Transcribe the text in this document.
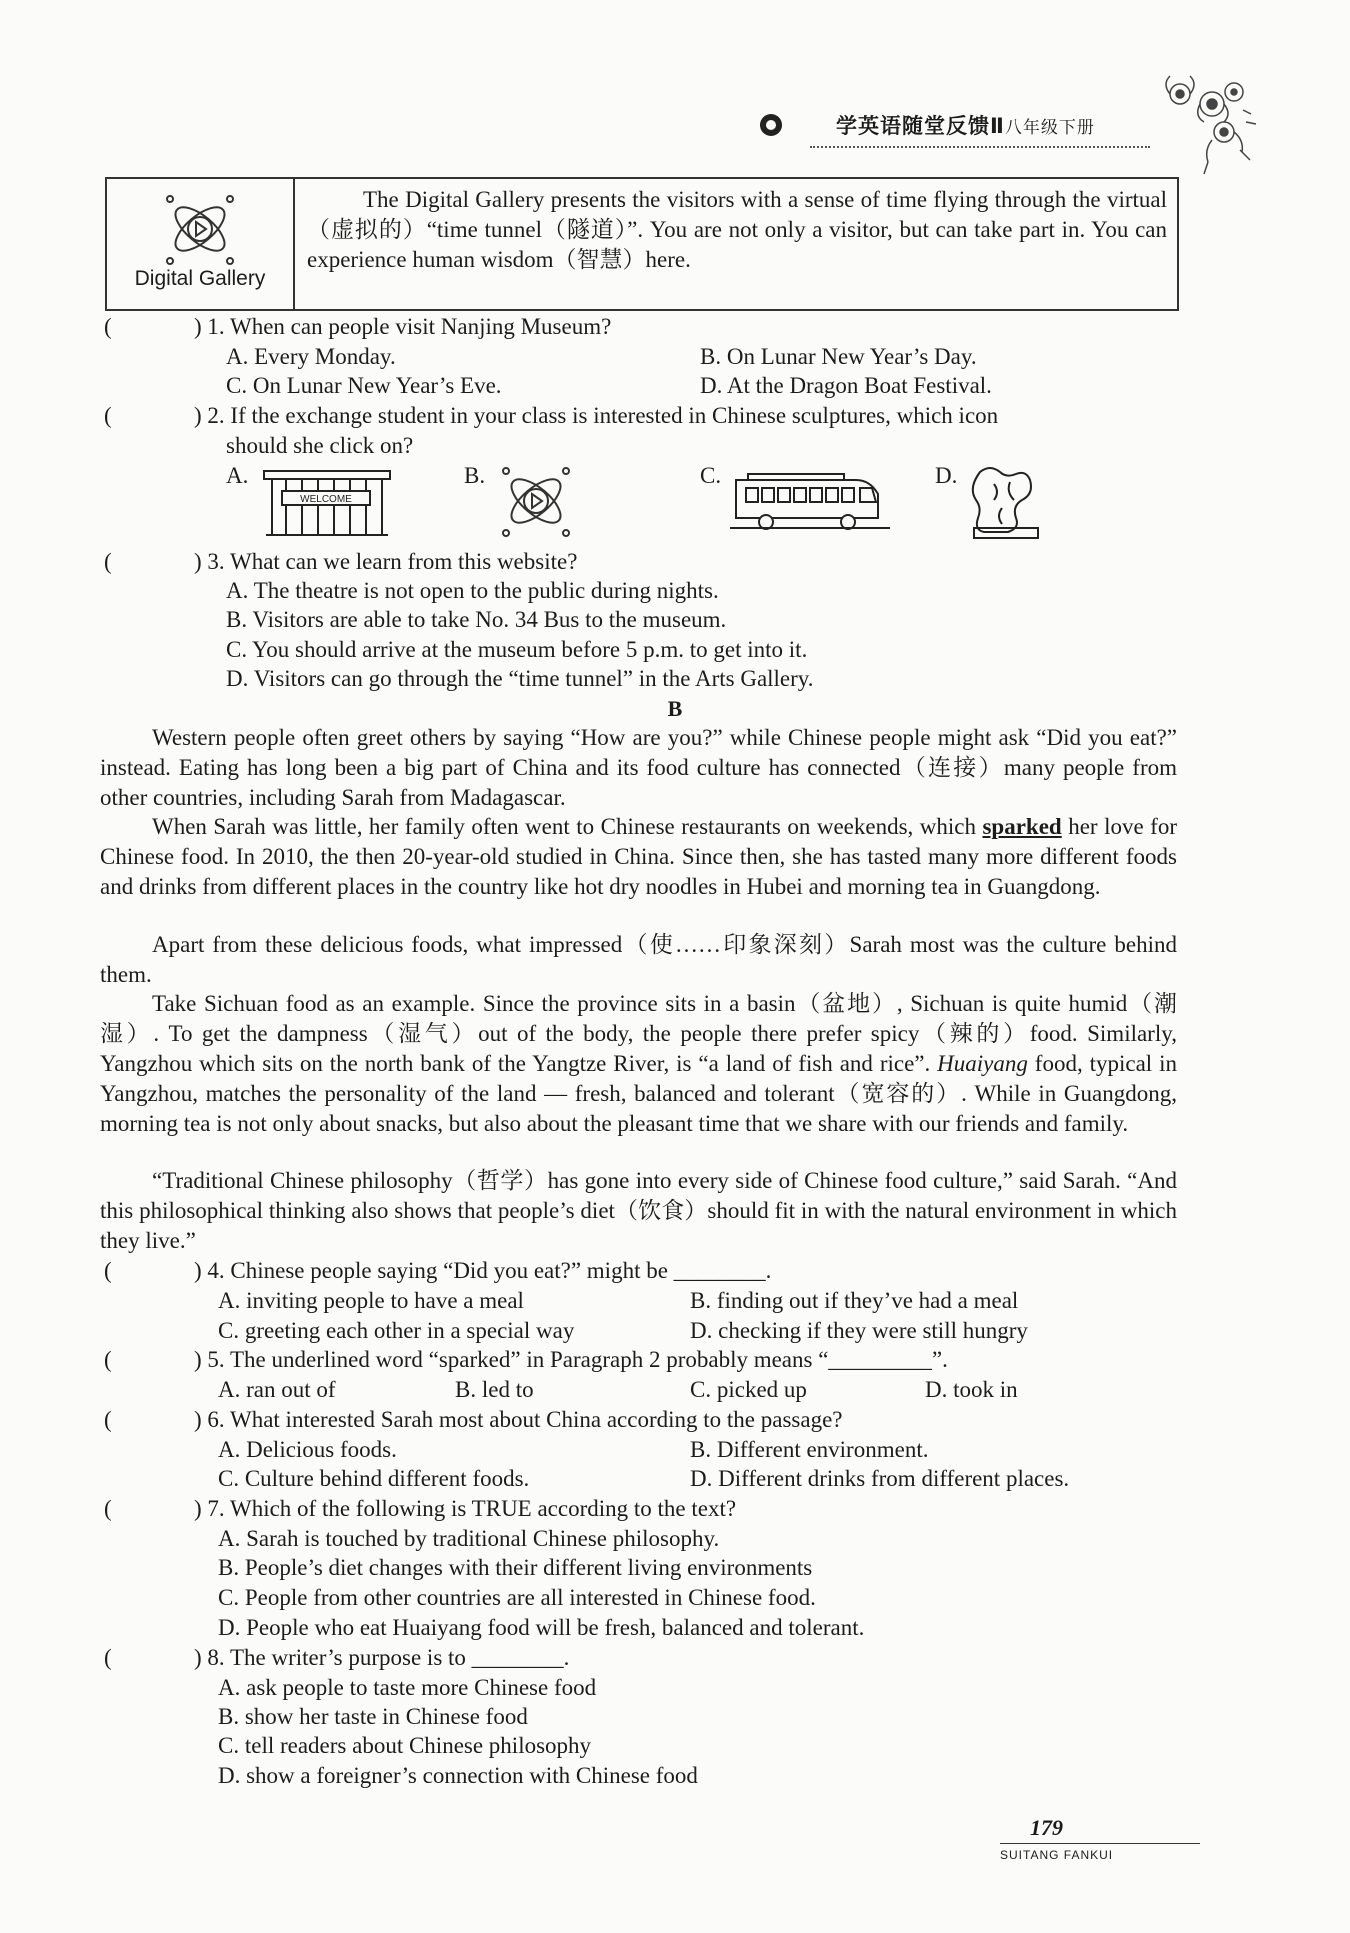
学英语随堂反馈Ⅱ八年级下册
Digital Gallery
The Digital Gallery presents the visitors with a sense of time flying through the virtual（虚拟的）“time tunnel（隧道）”. You are not only a visitor, but can take part in. You can experience human wisdom（智慧）here.
(	) 1. When can people visit Nanjing Museum?
A. Every Monday.	B. On Lunar New Year’s Day.
C. On Lunar New Year’s Eve.	D. At the Dragon Boat Festival.
(	) 2. If the exchange student in your class is interested in Chinese sculptures, which icon
should she click on?
A.
WELCOME
B.	C.	D.
(	) 3. What can we learn from this website?
A. The theatre is not open to the public during nights.
B. Visitors are able to take No. 34 Bus to the museum.
C. You should arrive at the museum before 5 p.m. to get into it.
D. Visitors can go through the “time tunnel” in the Arts Gallery.
B
Western people often greet others by saying “How are you?” while Chinese people might ask “Did you eat?” instead. Eating has long been a big part of China and its food culture has connected（连接）many people from other countries, including Sarah from Madagascar.
When Sarah was little, her family often went to Chinese restaurants on weekends, which sparked her love for Chinese food. In 2010, the then 20-year-old studied in China. Since then, she has tasted many more different foods and drinks from different places in the country like hot dry noodles in Hubei and morning tea in Guangdong.
Apart from these delicious foods, what impressed（使……印象深刻）Sarah most was the culture behind them.
Take Sichuan food as an example. Since the province sits in a basin（盆地）, Sichuan is quite humid（潮湿）. To get the dampness（湿气）out of the body, the people there prefer spicy（辣的）food. Similarly, Yangzhou which sits on the north bank of the Yangtze River, is “a land of fish and rice”. Huaiyang food, typical in Yangzhou, matches the personality of the land — fresh, balanced and tolerant（宽容的）. While in Guangdong, morning tea is not only about snacks, but also about the pleasant time that we share with our friends and family.
“Traditional Chinese philosophy（哲学）has gone into every side of Chinese food culture,” said Sarah. “And this philosophical thinking also shows that people’s diet（饮食）should fit in with the natural environment in which they live.”
(	) 4. Chinese people saying “Did you eat?” might be ________.
A. inviting people to have a meal	B. finding out if they’ve had a meal
C. greeting each other in a special way	D. checking if they were still hungry
(	) 5. The underlined word “sparked” in Paragraph 2 probably means “_________”.
A. ran out of	B. led to	C. picked up	D. took in
(	) 6. What interested Sarah most about China according to the passage?
A. Delicious foods.	B. Different environment.
C. Culture behind different foods.	D. Different drinks from different places.
(	) 7. Which of the following is TRUE according to the text?
A. Sarah is touched by traditional Chinese philosophy.
B. People’s diet changes with their different living environments
C. People from other countries are all interested in Chinese food.
D. People who eat Huaiyang food will be fresh, balanced and tolerant.
(	) 8. The writer’s purpose is to ________.
A. ask people to taste more Chinese food
B. show her taste in Chinese food
C. tell readers about Chinese philosophy
D. show a foreigner’s connection with Chinese food
179
SUITANG FANKUI
